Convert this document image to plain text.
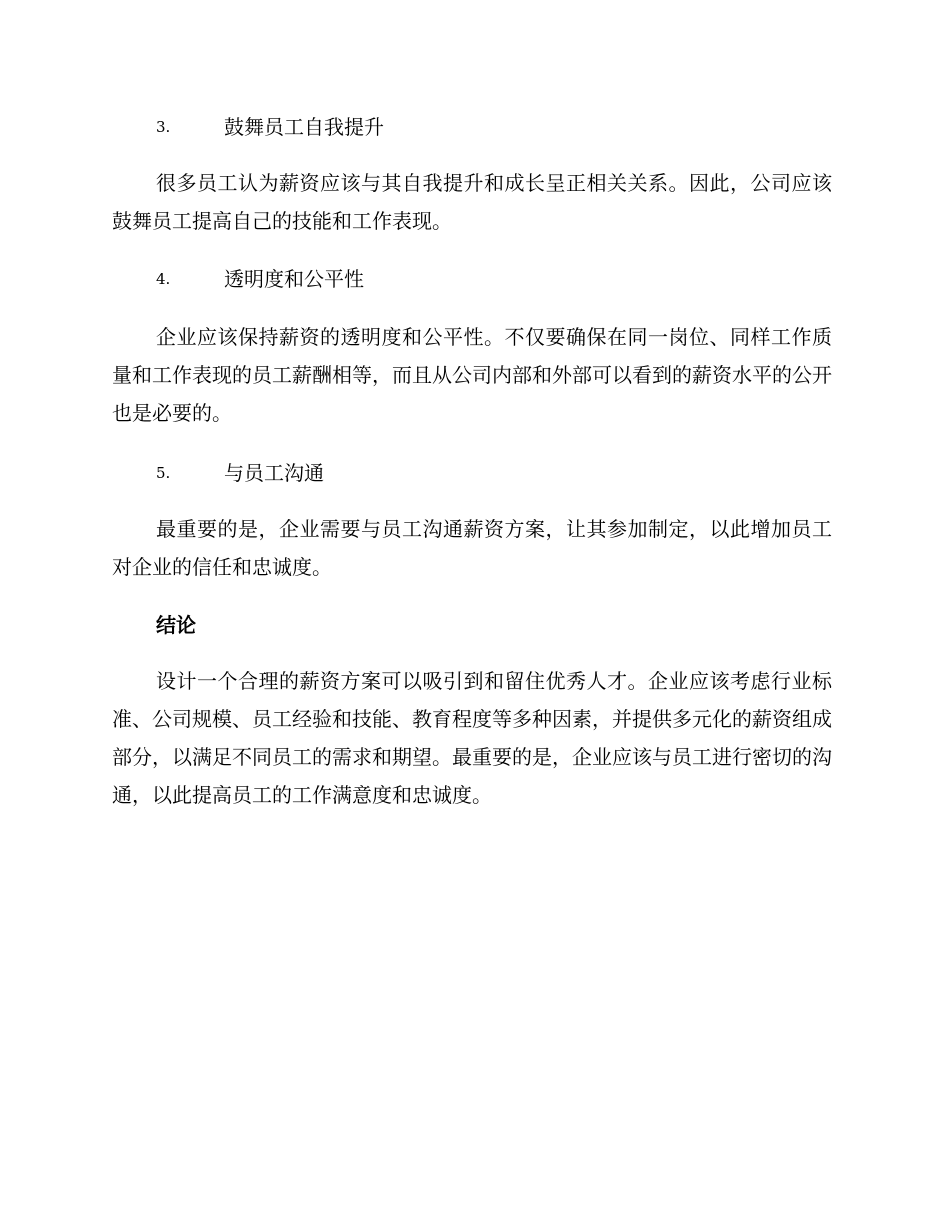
3.	鼓舞员工自我提升

很多员工认为薪资应该与其自我提升和成长呈正相关关系。因此，公司应该鼓舞员工提高自己的技能和工作表现。

4.	透明度和公平性

企业应该保持薪资的透明度和公平性。不仅要确保在同一岗位、同样工作质量和工作表现的员工薪酬相等，而且从公司内部和外部可以看到的薪资水平的公开也是必要的。

5.	与员工沟通

最重要的是，企业需要与员工沟通薪资方案，让其参加制定，以此增加员工对企业的信任和忠诚度。

结论

设计一个合理的薪资方案可以吸引到和留住优秀人才。企业应该考虑行业标准、公司规模、员工经验和技能、教育程度等多种因素，并提供多元化的薪资组成部分，以满足不同员工的需求和期望。最重要的是，企业应该与员工进行密切的沟通，以此提高员工的工作满意度和忠诚度。
